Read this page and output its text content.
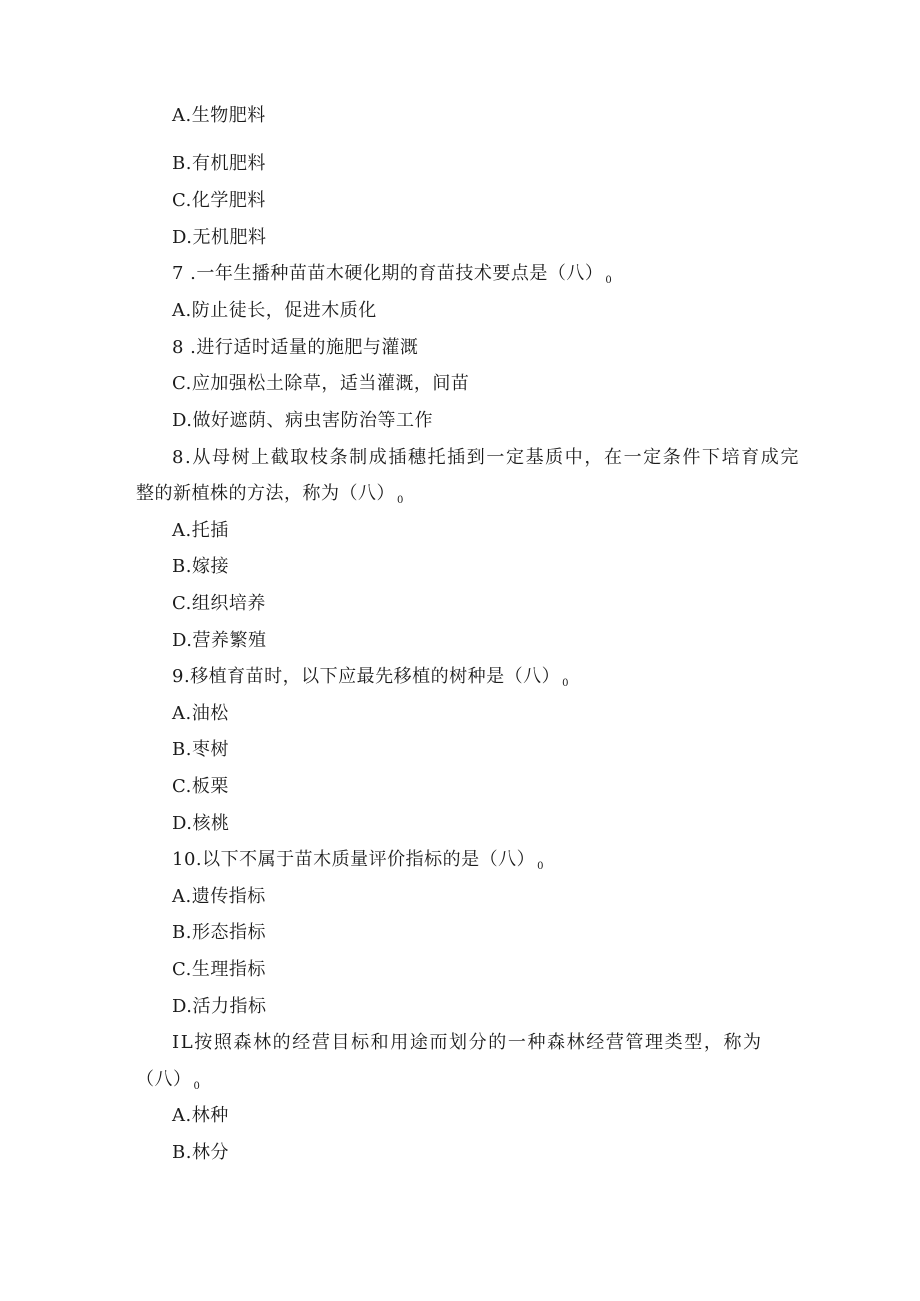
A.生物肥料
B.有机肥料
C.化学肥料
D.无机肥料
7 .一年生播种苗苗木硬化期的育苗技术要点是（八） $_0$
A.防止徒长，促进木质化
8 .进行适时适量的施肥与灌溉
C.应加强松土除草，适当灌溉，间苗
D.做好遮荫、病虫害防治等工作
8.从母树上截取枝条制成插穗托插到一定基质中，在一定条件下培育成完
整的新植株的方法，称为（八） $_0$
A.托插
B.嫁接
C.组织培养
D.营养繁殖
9.移植育苗时，以下应最先移植的树种是（八） $_0$
A.油松
B.枣树
C.板栗
D.核桃
10.以下不属于苗木质量评价指标的是（八） $_0$
A.遗传指标
B.形态指标
C.生理指标
D.活力指标
IL按照森林的经营目标和用途而划分的一种森林经营管理类型，称为
（八） $_0$
A.林种
B.林分
